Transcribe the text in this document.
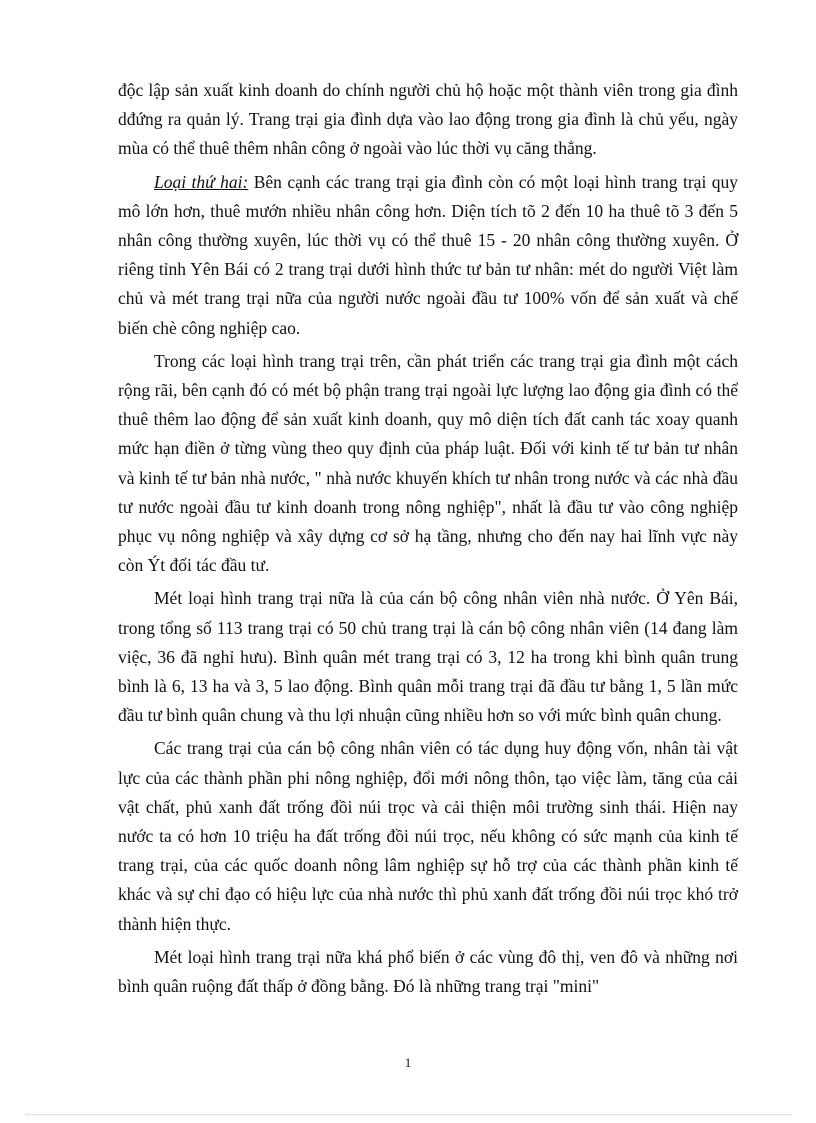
độc lập sản xuất kinh doanh do chính người chủ hộ hoặc một thành viên trong gia đình dđứng ra quản lý. Trang trại gia đình dựa vào lao động trong gia đình là chủ yếu, ngày mùa có thể thuê thêm nhân công ở ngoài vào lúc thời vụ căng thẳng.

Loại thứ hai: Bên cạnh các trang trại gia đình còn có một loại hình trang trại quy mô lớn hơn, thuê mướn nhiều nhân công hơn. Diện tích tõ 2 đến 10 ha thuê tõ 3 đến 5 nhân công thường xuyên, lúc thời vụ có thể thuê 15 - 20 nhân công thường xuyên. Ở riêng tỉnh Yên Bái có 2 trang trại dưới hình thức tư bản tư nhân: mét do người Việt làm chủ và mét trang trại nữa của người nước ngoài đầu tư 100% vốn để sản xuất và chế biến chè công nghiệp cao.

Trong các loại hình trang trại trên, cần phát triển các trang trại gia đình một cách rộng rãi, bên cạnh đó có mét bộ phận trang trại ngoài lực lượng lao động gia đình có thể thuê thêm lao động để sản xuất kinh doanh, quy mô diện tích đất canh tác xoay quanh mức hạn điền ở từng vùng theo quy định của pháp luật. Đối với kinh tế tư bản tư nhân và kinh tế tư bản nhà nước, " nhà nước khuyến khích tư nhân trong nước và các nhà đầu tư nước ngoài đầu tư kinh doanh trong nông nghiệp", nhất là đầu tư vào công nghiệp phục vụ nông nghiệp và xây dựng cơ sở hạ tầng, nhưng cho đến nay hai lĩnh vực này còn Ýt đối tác đầu tư.

Mét loại hình trang trại nữa là của cán bộ công nhân viên nhà nước. Ở Yên Bái, trong tổng số 113 trang trại có 50 chủ trang trại là cán bộ công nhân viên (14 đang làm việc, 36 đã nghỉ hưu). Bình quân mét trang trại có 3, 12 ha trong khi bình quân trung bình là 6, 13 ha và 3, 5 lao động. Bình quân mỗi trang trại đã đầu tư bằng 1, 5 lần mức đầu tư bình quân chung và thu lợi nhuận cũng nhiều hơn so với mức bình quân chung.

Các trang trại của cán bộ công nhân viên có tác dụng huy động vốn, nhân tài vật lực của các thành phần phi nông nghiệp, đổi mới nông thôn, tạo việc làm, tăng của cải vật chất, phủ xanh đất trống đồi núi trọc và cải thiện môi trường sinh thái. Hiện nay nước ta có hơn 10 triệu ha đất trống đồi núi trọc, nếu không có sức mạnh của kinh tế trang trại, của các quốc doanh nông lâm nghiệp sự hỗ trợ của các thành phần kinh tế khác và sự chỉ đạo có hiệu lực của nhà nước thì phủ xanh đất trống đồi núi trọc khó trở thành hiện thực.

Mét loại hình trang trại nữa khá phổ biến ở các vùng đô thị, ven đô và những nơi bình quân ruộng đất thấp ở đồng bằng. Đó là những trang trại "mini"

1
